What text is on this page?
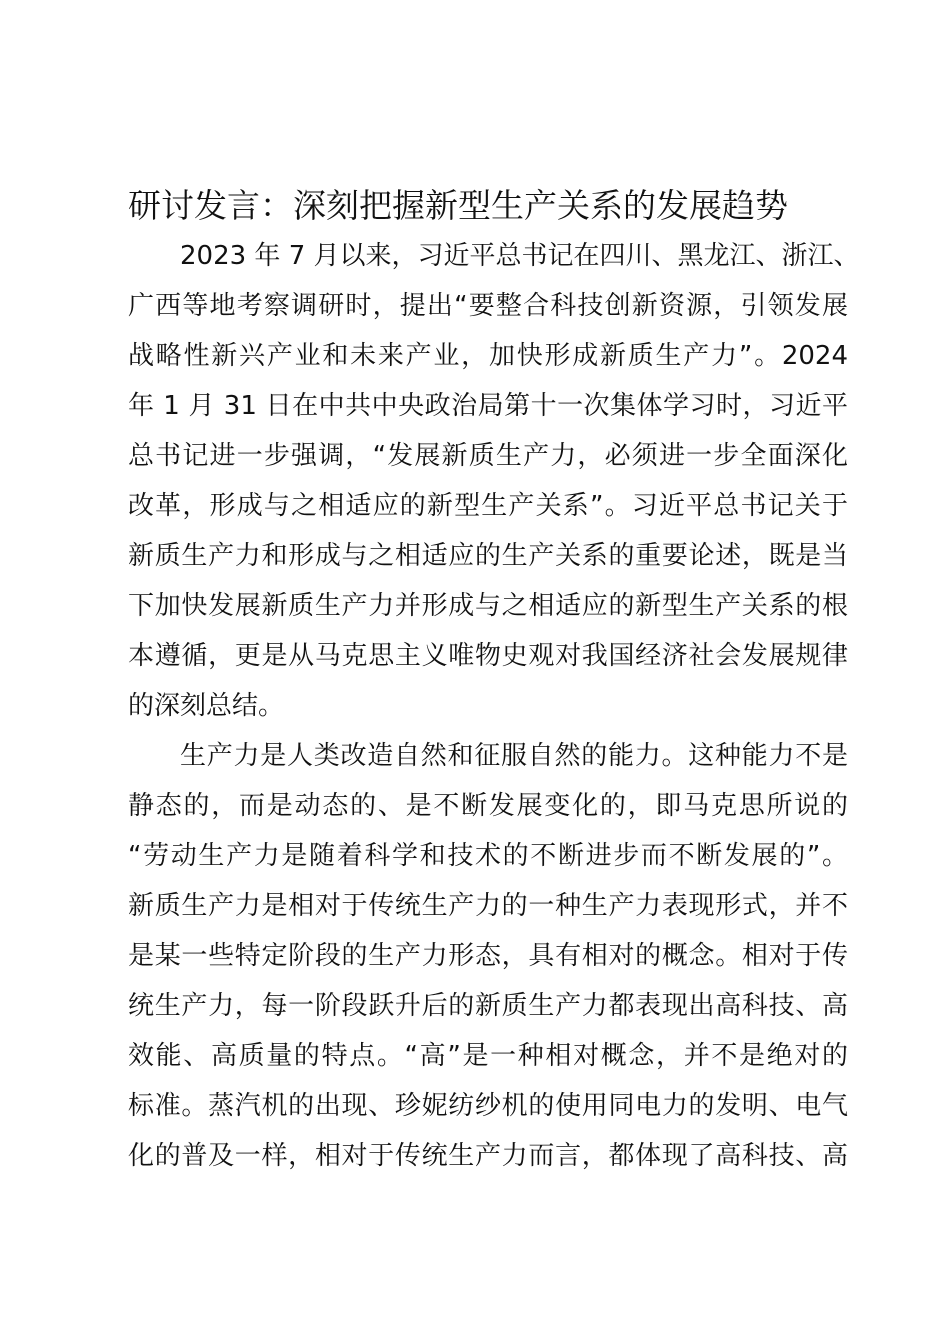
研讨发言：深刻把握新型生产关系的发展趋势
2023 年 7 月以来，习近平总书记在四川、黑龙江、浙江、
广西等地考察调研时，提出“要整合科技创新资源，引领发展
战略性新兴产业和未来产业，加快形成新质生产力”。2024
年 1 月 31 日在中共中央政治局第十一次集体学习时，习近平
总书记进一步强调，“发展新质生产力，必须进一步全面深化
改革，形成与之相适应的新型生产关系”。习近平总书记关于
新质生产力和形成与之相适应的生产关系的重要论述，既是当
下加快发展新质生产力并形成与之相适应的新型生产关系的根
本遵循，更是从马克思主义唯物史观对我国经济社会发展规律
的深刻总结。
生产力是人类改造自然和征服自然的能力。这种能力不是
静态的，而是动态的、是不断发展变化的，即马克思所说的
“劳动生产力是随着科学和技术的不断进步而不断发展的”。
新质生产力是相对于传统生产力的一种生产力表现形式，并不
是某一些特定阶段的生产力形态，具有相对的概念。相对于传
统生产力，每一阶段跃升后的新质生产力都表现出高科技、高
效能、高质量的特点。“高”是一种相对概念，并不是绝对的
标准。蒸汽机的出现、珍妮纺纱机的使用同电力的发明、电气
化的普及一样，相对于传统生产力而言，都体现了高科技、高
